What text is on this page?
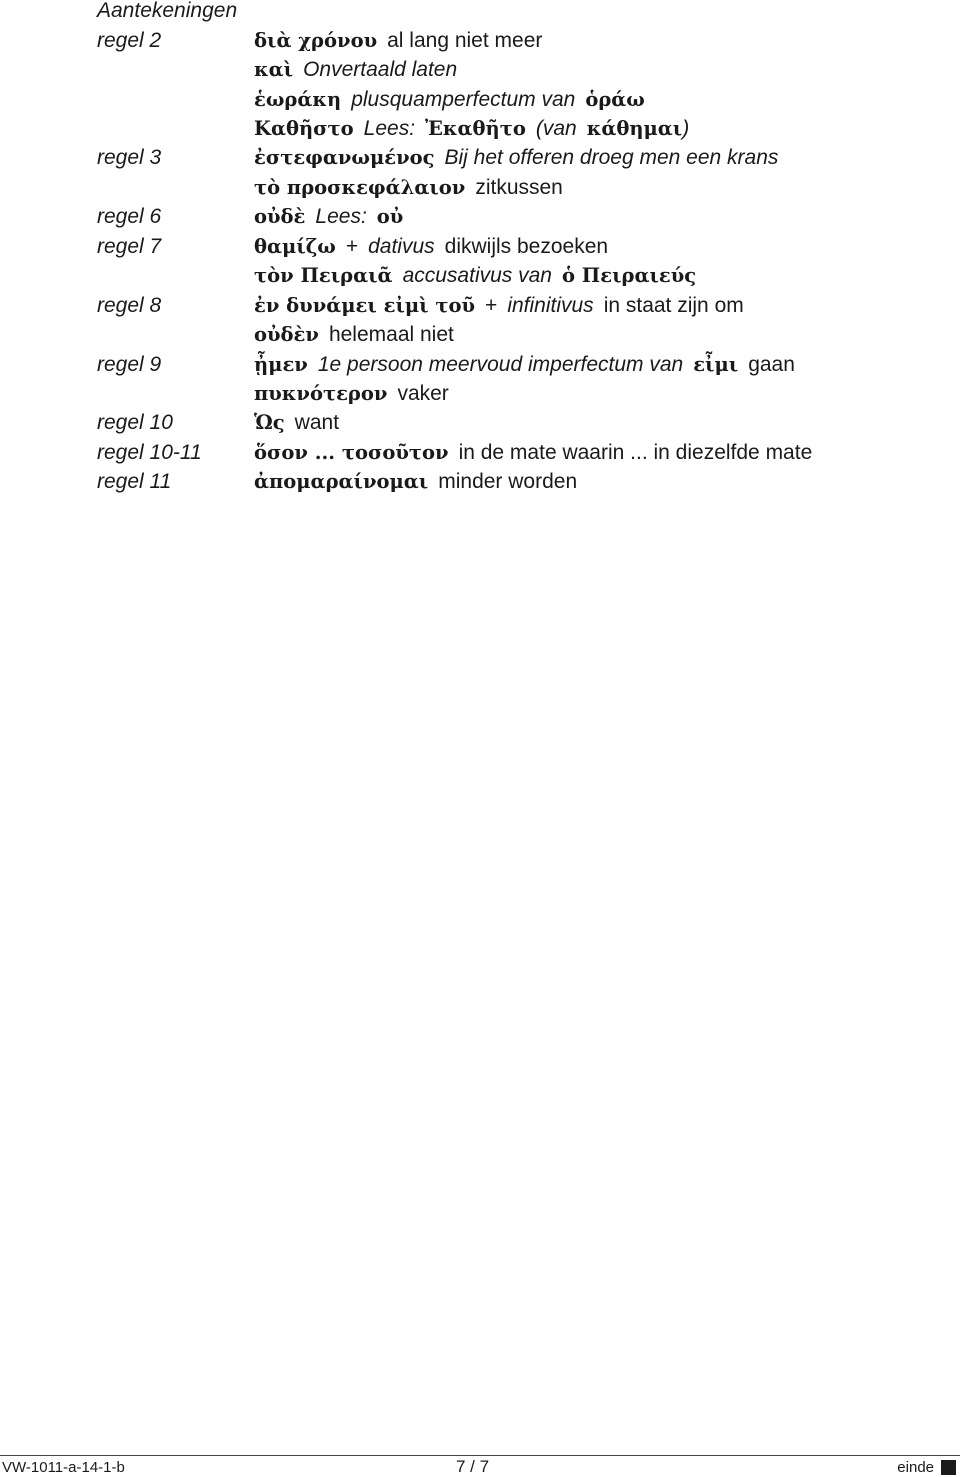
Aantekeningen
regel 2	διὰ χρόνου al lang niet meer
καὶ Onvertaald laten
ἑωράκη plusquamperfectum van ὁράω
Καθῆστο Lees: Ἐκαθῆτο (van κάθημαι)
regel 3	ἐστεφανωμένος Bij het offeren droeg men een krans
τὸ προσκεφάλαιον zitkussen
regel 6	οὐδὲ Lees: οὐ
regel 7	θαμίζω + dativus dikwijls bezoeken
τὸν Πειραιᾶ accusativus van ὁ Πειραιεύς
regel 8	ἐν δυνάμει εἰμὶ τοῦ + infinitivus in staat zijn om
οὐδὲν helemaal niet
regel 9	ᾖμεν 1e persoon meervoud imperfectum van εἶμι gaan
πυκνότερον vaker
regel 10	Ὡς want
regel 10-11	ὅσον ... τοσοῦτον in de mate waarin ... in diezelfde mate
regel 11	ἀπομαραίνομαι minder worden
VW-1011-a-14-1-b	7 / 7	einde
